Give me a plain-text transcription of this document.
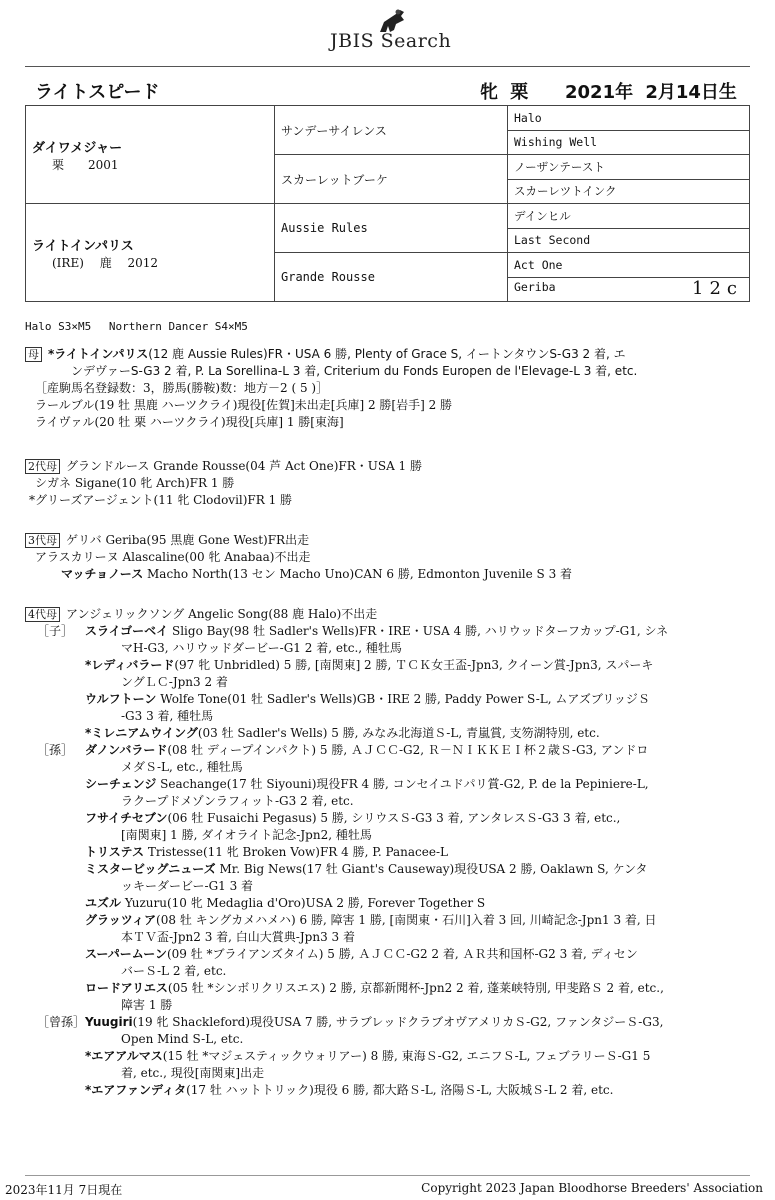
JBIS Search
ライトスピード	牝 栗 2021年 2月14日生
ダイワメジャー
栗　　2001	サンデーサイレンス	Halo
		Wishing Well
	スカーレットブーケ	ノーザンテースト
		スカーレツトインク

ライトインパリス
(IRE)　 鹿　 2012	Aussie Rules	デインヒル
		Last Second
	Grande Rousse	Act One
		Geriba 12c
Halo S3×M5　 Northern Dancer S4×M5
母 *ライトインパリス(12 鹿 Aussie Rules)FR・USA 6 勝, Plenty of Grace S, イートンタウンS-G3 2 着, エ
ンデヴァーS-G3 2 着, P. La Sorellina-L 3 着, Criterium du Fonds Europen de l'Elevage-L 3 着, etc.
［産駒馬名登録数：3，勝馬(勝鞍)数：地方－2 ( 5 )］
ラールブル(19 牡 黒鹿 ハーツクライ)現役[佐賀]未出走[兵庫] 2 勝[岩手] 2 勝
ライヴァル(20 牡 栗 ハーツクライ)現役[兵庫] 1 勝[東海]
2代母 グランドルース Grande Rousse(04 芦 Act One)FR・USA 1 勝
シガネ Sigane(10 牝 Arch)FR 1 勝
*グリーズアージェント(11 牝 Clodovil)FR 1 勝
3代母 ゲリバ Geriba(95 黒鹿 Gone West)FR出走
アラスカリーヌ Alascaline(00 牝 Anabaa)不出走
マッチョノース Macho North(13 セン Macho Uno)CAN 6 勝, Edmonton Juvenile S 3 着
4代母 アンジェリックソング Angelic Song(88 鹿 Halo)不出走
［子］ スライゴーベイ Sligo Bay(98 牡 Sadler's Wells)FR・IRE・USA 4 勝, ハリウッドターフカップ-G1, シネ
　　　マH-G3, ハリウッドダービー-G1 2 着, etc., 種牡馬
*レディバラード(97 牝 Unbridled) 5 勝, [南関東] 2 勝, ＴＣＫ女王盃-Jpn3, クイーン賞-Jpn3, スパーキ
　　　ングＬＣ-Jpn3 2 着
ウルフトーン Wolfe Tone(01 牡 Sadler's Wells)GB・IRE 2 勝, Paddy Power S-L, ムアズブリッジＳ
　　　-G3 3 着, 種牡馬
*ミレニアムウイング(03 牡 Sadler's Wells) 5 勝, みなみ北海道Ｓ-L, 青嵐賞, 支笏湖特別, etc.
［孫］ ダノンバラード(08 牡 ディープインパクト) 5 勝, ＡＪＣＣ-G2, Ｒ－ＮＩＫＫＥＩ杯２歳Ｓ-G3, アンドロ
　　　メダＳ-L, etc., 種牡馬
シーチェンジ Seachange(17 牡 Siyouni)現役FR 4 勝, コンセイユドパリ賞-G2, P. de la Pepiniere-L,
　　　ラクープドメゾンラフィット-G3 2 着, etc.
フサイチセブン(06 牡 Fusaichi Pegasus) 5 勝, シリウスＳ-G3 3 着, アンタレスＳ-G3 3 着, etc.,
　　　[南関東] 1 勝, ダイオライト記念-Jpn2, 種牡馬
トリステス Tristesse(11 牝 Broken Vow)FR 4 勝, P. Panacee-L
ミスタービッグニューズ Mr. Big News(17 牡 Giant's Causeway)現役USA 2 勝, Oaklawn S, ケンタ
　　　ッキーダービー-G1 3 着
ユズル Yuzuru(10 牝 Medaglia d'Oro)USA 2 勝, Forever Together S
グラッツィア(08 牡 キングカメハメハ) 6 勝, 障害 1 勝, [南関東・石川]入着 3 回, 川崎記念-Jpn1 3 着, 日
　　　本ＴＶ盃-Jpn2 3 着, 白山大賞典-Jpn3 3 着
スーパームーン(09 牡 *ブライアンズタイム) 5 勝, ＡＪＣＣ-G2 2 着, ＡＲ共和国杯-G2 3 着, ディセン
　　　バーＳ-L 2 着, etc.
ロードアリエス(05 牡 *シンボリクリスエス) 2 勝, 京都新聞杯-Jpn2 2 着, 蓬莱峡特別, 甲斐路Ｓ 2 着, etc.,
　　　障害 1 勝
［曾孫］Yuugiri(19 牝 Shackleford)現役USA 7 勝, サラブレッドクラブオヴアメリカＳ-G2, ファンタジーＳ-G3,
　　　Open Mind S-L, etc.
*エアアルマス(15 牡 *マジェスティックウォリアー) 8 勝, 東海Ｓ-G2, エニフＳ-L, フェブラリーＳ-G1 5
　　　着, etc., 現役[南関東]出走
*エアファンディタ(17 牡 ハットトリック)現役 6 勝, 都大路Ｓ-L, 洛陽Ｓ-L, 大阪城Ｓ-L 2 着, etc.
2023年11月 7日現在	Copyright 2023 Japan Bloodhorse Breeders' Association
